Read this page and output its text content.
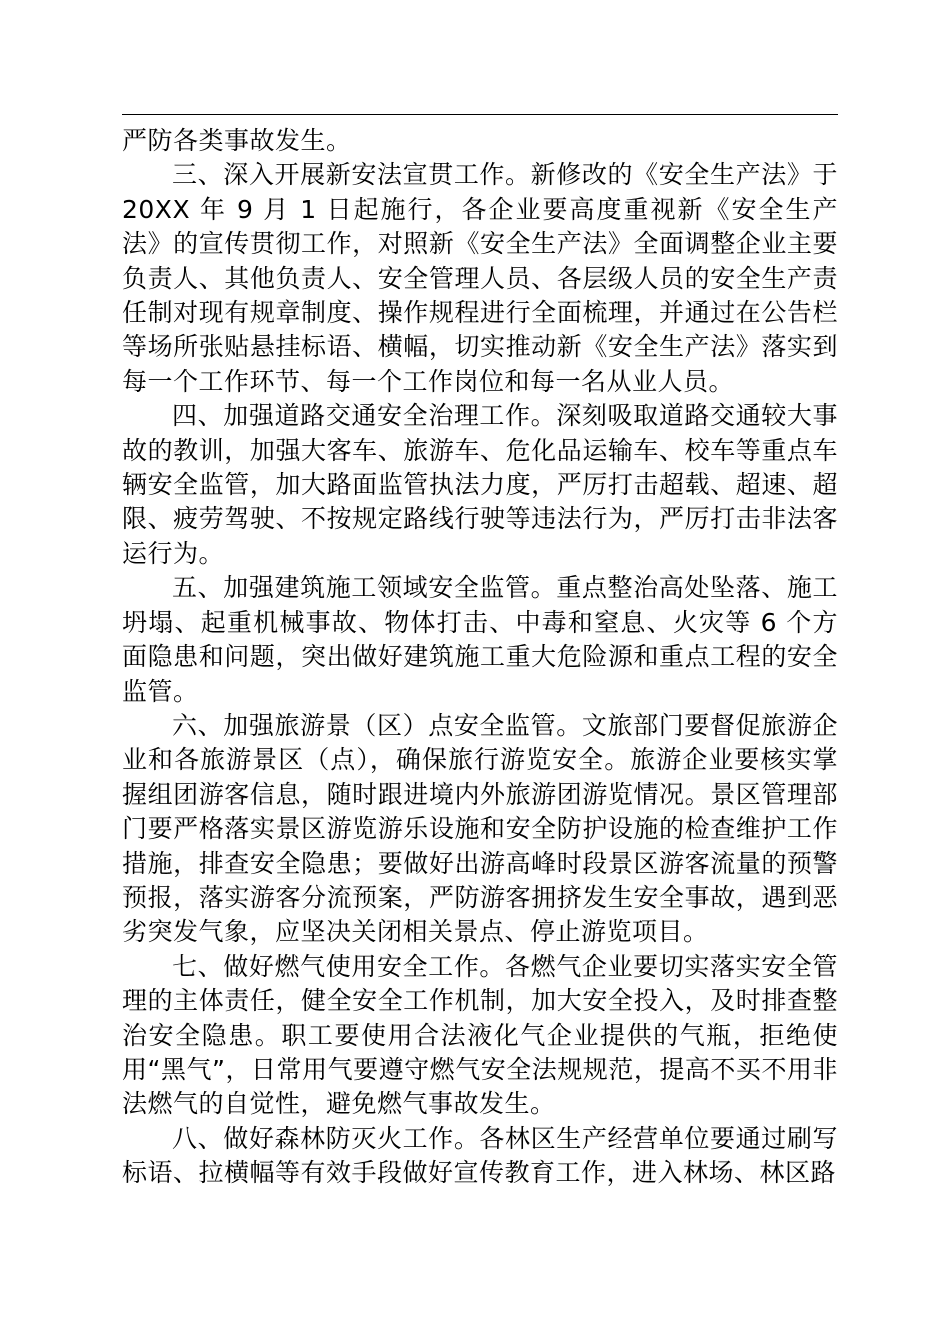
严防各类事故发生。

三、深入开展新安法宣贯工作。新修改的《安全生产法》于20XX 年 9 月 1 日起施行，各企业要高度重视新《安全生产法》的宣传贯彻工作，对照新《安全生产法》全面调整企业主要负责人、其他负责人、安全管理人员、各层级人员的安全生产责任制对现有规章制度、操作规程进行全面梳理，并通过在公告栏等场所张贴悬挂标语、横幅，切实推动新《安全生产法》落实到每一个工作环节、每一个工作岗位和每一名从业人员。

四、加强道路交通安全治理工作。深刻吸取道路交通较大事故的教训，加强大客车、旅游车、危化品运输车、校车等重点车辆安全监管，加大路面监管执法力度，严厉打击超载、超速、超限、疲劳驾驶、不按规定路线行驶等违法行为，严厉打击非法客运行为。

五、加强建筑施工领域安全监管。重点整治高处坠落、施工坍塌、起重机械事故、物体打击、中毒和窒息、火灾等 6 个方面隐患和问题，突出做好建筑施工重大危险源和重点工程的安全监管。

六、加强旅游景（区）点安全监管。文旅部门要督促旅游企业和各旅游景区（点），确保旅行游览安全。旅游企业要核实掌握组团游客信息，随时跟进境内外旅游团游览情况。景区管理部门要严格落实景区游览游乐设施和安全防护设施的检查维护工作措施，排查安全隐患；要做好出游高峰时段景区游客流量的预警预报，落实游客分流预案，严防游客拥挤发生安全事故，遇到恶劣突发气象，应坚决关闭相关景点、停止游览项目。

七、做好燃气使用安全工作。各燃气企业要切实落实安全管理的主体责任，健全安全工作机制，加大安全投入，及时排查整治安全隐患。职工要使用合法液化气企业提供的气瓶，拒绝使用“黑气”，日常用气要遵守燃气安全法规规范，提高不买不用非法燃气的自觉性，避免燃气事故发生。

八、做好森林防灭火工作。各林区生产经营单位要通过刷写标语、拉横幅等有效手段做好宣传教育工作，进入林场、林区路
